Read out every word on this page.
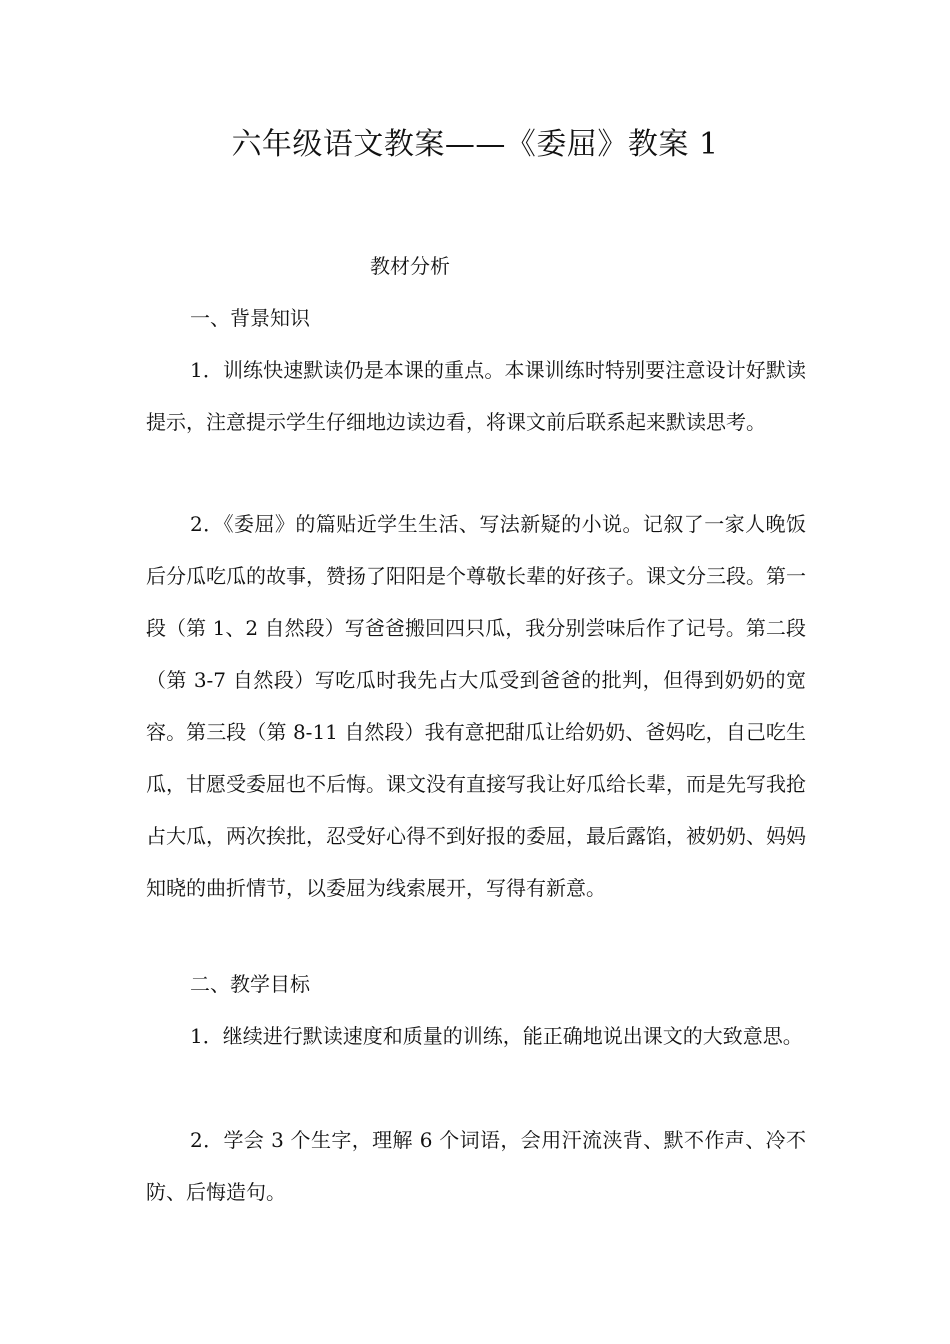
六年级语文教案——《委屈》教案 1
教材分析
一、背景知识

1．训练快速默读仍是本课的重点。本课训练时特别要注意设计好默读提示，注意提示学生仔细地边读边看，将课文前后联系起来默读思考。

2．《委屈》的篇贴近学生生活、写法新疑的小说。记叙了一家人晚饭后分瓜吃瓜的故事，赞扬了阳阳是个尊敬长辈的好孩子。课文分三段。第一段（第 1、2 自然段）写爸爸搬回四只瓜，我分别尝味后作了记号。第二段（第 3-7 自然段）写吃瓜时我先占大瓜受到爸爸的批判，但得到奶奶的宽容。第三段（第 8-11 自然段）我有意把甜瓜让给奶奶、爸妈吃，自己吃生瓜，甘愿受委屈也不后悔。课文没有直接写我让好瓜给长辈，而是先写我抢占大瓜，两次挨批，忍受好心得不到好报的委屈，最后露馅，被奶奶、妈妈知晓的曲折情节，以委屈为线索展开，写得有新意。

二、教学目标

1．继续进行默读速度和质量的训练，能正确地说出课文的大致意思。

2．学会 3 个生字，理解 6 个词语，会用汗流浃背、默不作声、冷不防、后悔造句。
